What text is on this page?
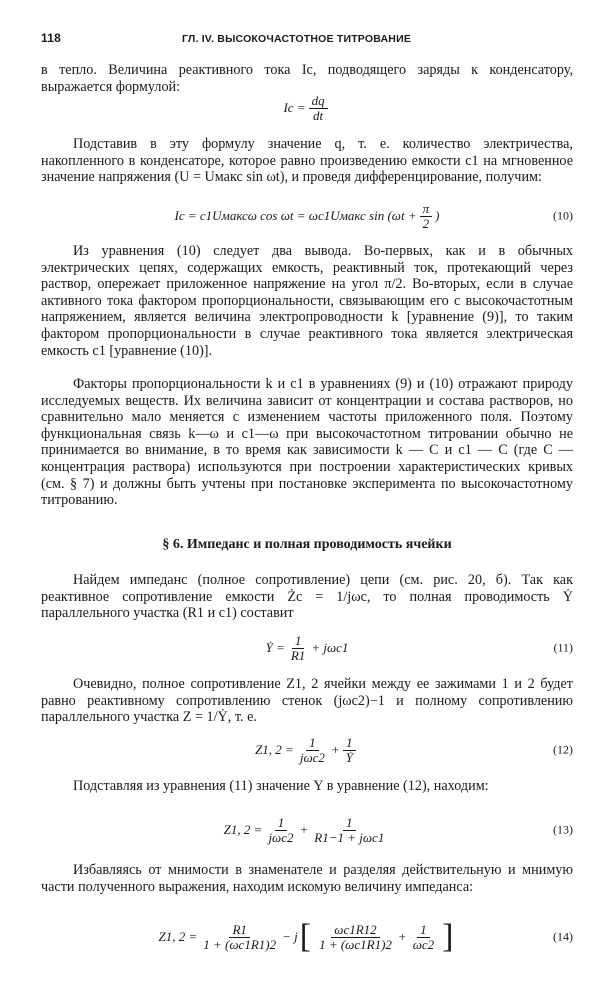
118	ГЛ. IV. ВЫСОКОЧАСТОТНОЕ ТИТРОВАНИЕ

в тепло. Величина реактивного тока Iс, подводящего заряды к конденсатору, выражается формулой:

$Ic = \frac{dq}{dt}$

Подставив в эту формулу значение q, т. е. количество электричества, накопленного в конденсаторе, которое равно произведению емкости c1 на мгновенное значение напряжения (U = Uмакс sin ωt), и проведя дифференцирование, получим:

Ic = c1Uмаксω cos ωt = ωc1Uмакс $\sin (\omega t + \frac{\pi}{2}$ )	(10)

Из уравнения (10) следует два вывода. Во-первых, как и в обычных электрических цепях, содержащих емкость, реактивный ток, протекающий через раствор, опережает приложенное напряжение на угол π/2. Во-вторых, если в случае активного тока фактором пропорциональности, связывающим его с высокочастотным напряжением, является величина электропроводности k [уравнение (9)], то таким фактором пропорциональности в случае реактивного тока является электрическая емкость c1 [уравнение (10)].

Факторы пропорциональности k и c1 в уравнениях (9) и (10) отражают природу исследуемых веществ. Их величина зависит от концентрации и состава растворов, но сравнительно мало меняется с изменением частоты приложенного поля. Поэтому функциональная связь k—ω и c1—ω при высокочастотном титровании обычно не принимается во внимание, в то время как зависимости k — C и c1 — C (где C — концентрация раствора) используются при построении характеристических кривых (см. § 7) и должны быть учтены при постановке эксперимента по высокочастотному титрованию.

§ 6. Импеданс и полная проводимость ячейки

Найдем импеданс (полное сопротивление) цепи (см. рис. 20, б). Так как реактивное сопротивление емкости Żc = 1/jωc, то полная проводимость Ẏ параллельного участка (R1 и c1) составит

Ẏ = $\frac{1}{R1} + j\omega c1$	(11)

Очевидно, полное сопротивление Z1, 2 ячейки между ее зажимами 1 и 2 будет равно реактивному сопротивлению стенок (jωc2)−1 и полному сопротивлению параллельного участка Z = 1/Ẏ, т. е.

Z1, $2 = \frac{1}{\text{jωc2}} + \frac{1}{\text{Ẏ}}$	(12)

Подставляя из уравнения (11) значение Y в уравнение (12), находим:

Z1, $2 = \frac{1}{\text{jωc2}} + \frac{1}{\text{R1−1 + jωc1}}$	(13)

Избавляясь от мнимости в знаменателе и разделяя действительную и мнимую части полученного выражения, находим искомую величину импеданса:

Z1, $2 = \frac{R1}{1 + (\omega c1R1)2} - j$ [ $\frac{\omega c1R12}{1 + (\omega c1R1)2} + \frac{1}{\omega c2}$ ]	(14)
